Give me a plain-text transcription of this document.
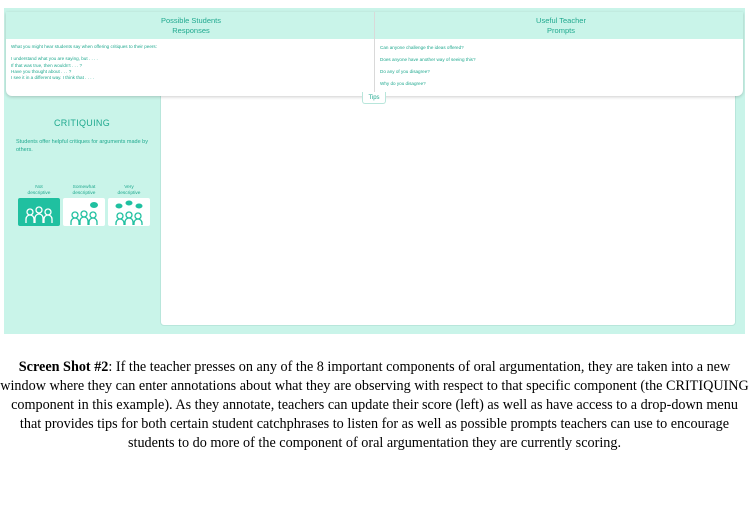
CRITIQUING
Students offer helpful critiques for arguments made by others.
Not
descriptive
Somewhat
descriptive
Very
descriptive
Possible Students
Responses
Useful Teacher
Prompts
What you might hear students say when offering critiques to their peers:
I understand what you are saying, but . . . .
If that was true, then wouldn't . . . ?
Have you thought about . . . ?
I see it in a different way. I think that . . . .
Can anyone challenge the ideas offered?
Does anyone have another way of seeing this?
Do any of you disagree?
Why do you disagree?
Tips
Screen Shot #2: If the teacher presses on any of the 8 important components of oral argumentation, they are taken into a new window where they can enter annotations about what they are observing with respect to that specific component (the CRITIQUING component in this example). As they annotate, teachers can update their score (left) as well as have access to a drop-down menu that provides tips for both certain student catchphrases to listen for as well as possible prompts teachers can use to encourage students to do more of the component of oral argumentation they are currently scoring.
